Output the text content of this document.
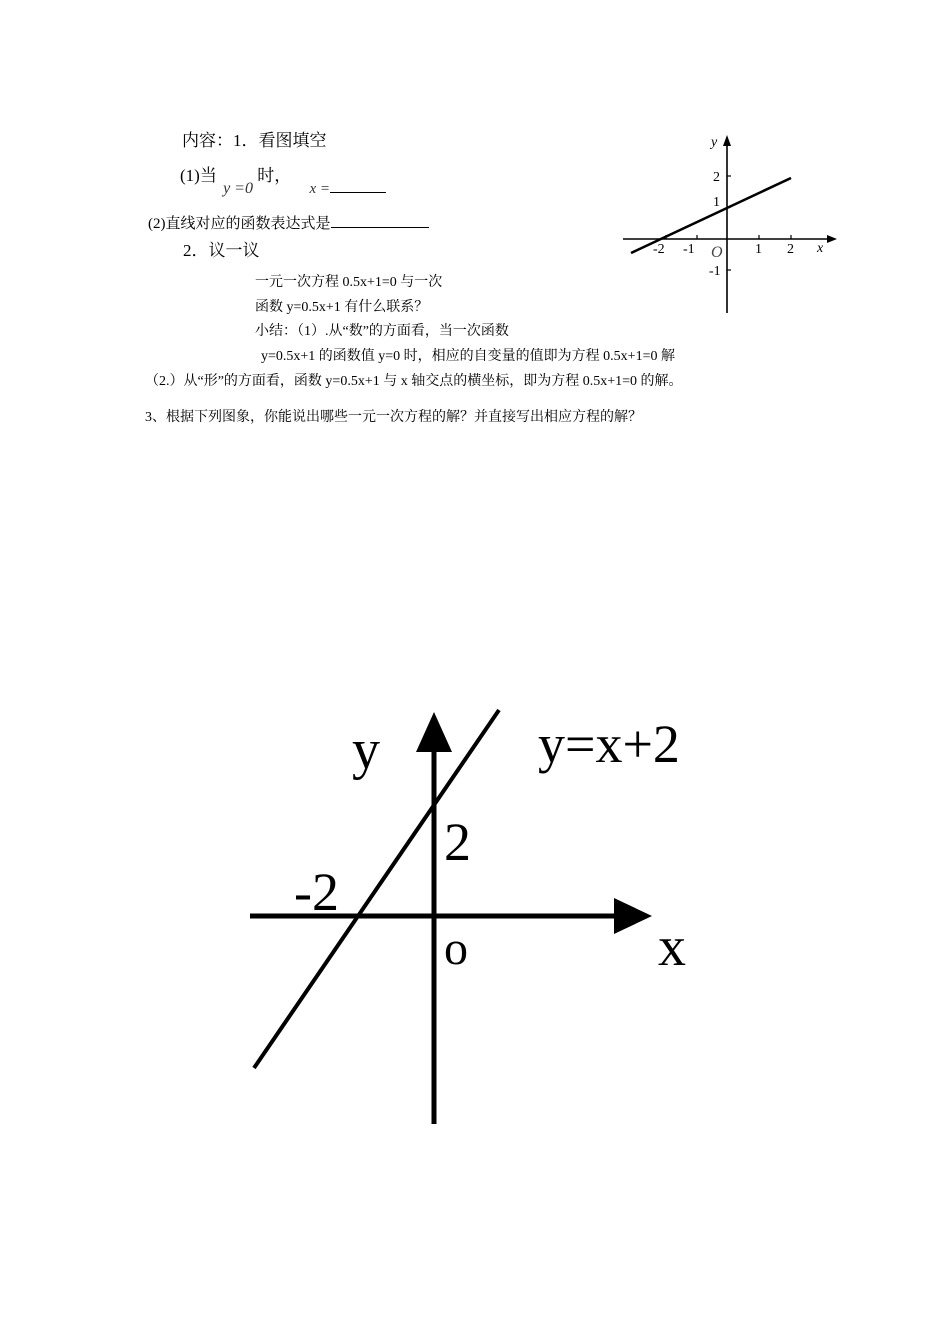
内容：1．看图填空
(1)当 y =0 时， x =
(2)直线对应的函数表达式是
2．议一议
一元一次方程 0.5x+1=0 与一次
函数 y=0.5x+1 有什么联系？
小结：（1）.从“数”的方面看，当一次函数
y=0.5x+1 的函数值 y=0 时，相应的自变量的值即为方程 0.5x+1=0 解
（2.）从“形”的方面看，函数 y=0.5x+1 与 x 轴交点的横坐标，即为方程 0.5x+1=0 的解。
3、根据下列图象，你能说出哪些一元一次方程的解？并直接写出相应方程的解？
y
x
O
-2 -1	1 2
2
1
-1
y
x
o
2
-2
y=x+2
